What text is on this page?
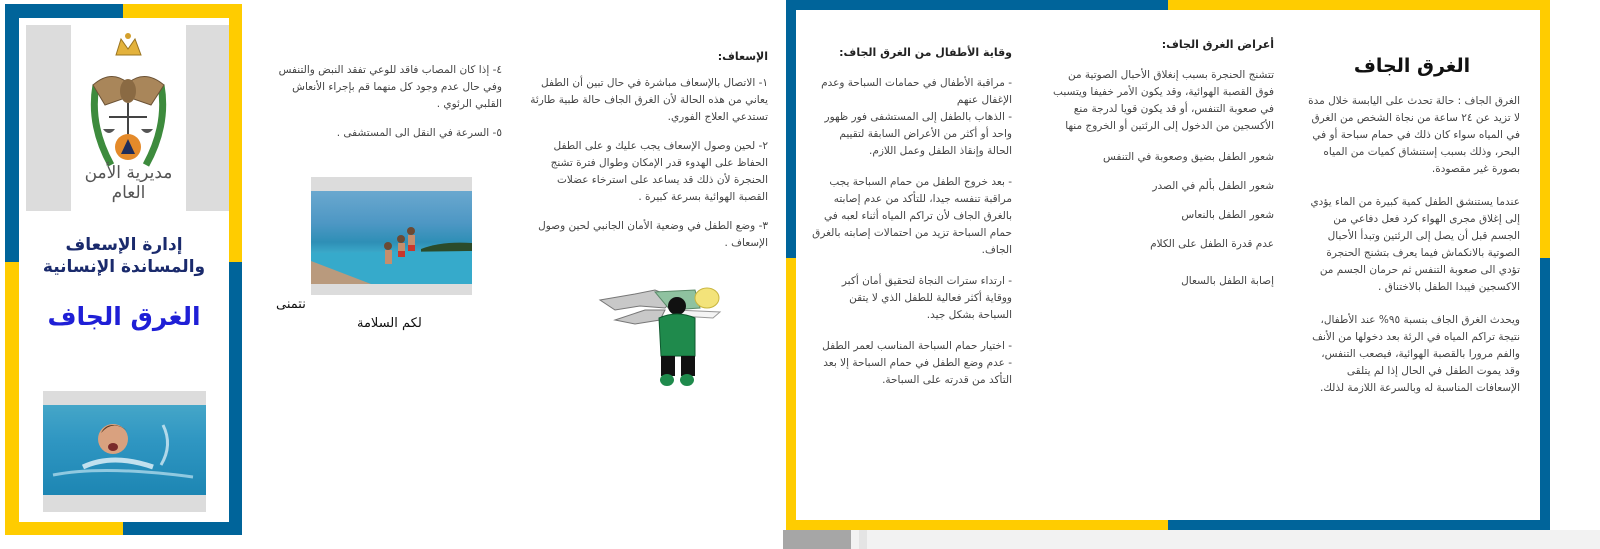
مديرية الأمن العام
إدارة الإسعاف
والمساندة الإنسانية
الغرق الجاف

٤- إذا كان المصاب فاقد للوعي تفقد النبض والتنفس وفي حال عدم وجود كل منهما قم بإجراء الأنعاش القلبي الرئوي .

٥- السرعة في النقل الى المستشفى .

نتمنى
لكم السلامة
الإسعاف:

١- الاتصال بالإسعاف مباشرة في حال تبين أن الطفل يعاني من هذه الحالة لأن الغرق الجاف حالة طبية طارئة تستدعي العلاج الفوري.

٢- لحين وصول الإسعاف يجب عليك و على الطفل الحفاظ على الهدوء قدر الإمكان وطوال فترة تشنج الحنجرة لأن ذلك قد يساعد على استرخاء عضلات القصبة الهوائية بسرعة كبيرة .

٣- وضع الطفل في وضعية الأمان الجانبي لحين وصول الإسعاف .

وقاية الأطفال من الغرق الجاف:

- مراقبة الأطفال في حمامات السباحة وعدم الإغفال عنهم
- الذهاب بالطفل إلى المستشفى فور ظهور واحد أو أكثر من الأعراض السابقة لتقييم الحالة وإنقاذ الطفل وعمل اللازم.

- بعد خروج الطفل من حمام السباحة يجب مراقبة تنفسه جيدا، للتأكد من عدم إصابته بالغرق الجاف لأن تراكم المياه أثناء لعبه في حمام السباحة تزيد من احتمالات إصابته بالغرق الجاف.

- ارتداء سترات النجاة لتحقيق أمان أكبر ووقاية أكثر فعالية للطفل الذي لا يتقن السباحة بشكل جيد.

- اختيار حمام السباحة المناسب لعمر الطفل
- عدم وضع الطفل في حمام السباحة إلا بعد التأكد من قدرته على السباحة.

أعراض الغرق الجاف:

تتشنج الحنجرة بسبب إنغلاق الأحبال الصوتية من فوق القصبة الهوائية، وقد يكون الأمر خفيفا ويتسبب في صعوبة التنفس، أو قد يكون قويا لدرجة منع الأكسجين من الدخول إلى الرئتين أو الخروج منها

شعور الطفل بضيق وصعوبة في التنفس

شعور الطفل بألم في الصدر

شعور الطفل بالنعاس

عدم قدرة الطفل على الكلام

إصابة الطفل بالسعال

الغرق الجاف

الغرق الجاف : حالة تحدث على اليابسة خلال مدة لا تزيد عن ٢٤ ساعة من نجاة الشخص من الغرق في المياه سواء كان ذلك في حمام سباحة أو في البحر، وذلك بسبب إستنشاق كميات من المياه بصورة غير مقصودة.

عندما يستنشق الطفل كمية كبيرة من الماء يؤدي إلى إغلاق مجرى الهواء كرد فعل دفاعي من الجسم قبل أن يصل إلى الرئتين وتبدأ الأحبال الصوتية بالانكماش فيما يعرف بتشنج الحنجرة تؤدي الى صعوبة التنفس ثم حرمان الجسم من الاكسجين فيبدا الطفل بالاختناق .

ويحدث الغرق الجاف بنسبة ٩٥% عند الأطفال، نتيجة تراكم المياه في الرئة بعد دخولها من الأنف والفم مرورا بالقصبة الهوائية، فيصعب التنفس، وقد يموت الطفل في الحال إذا لم يتلقى الإسعافات المناسبة له وبالسرعة اللازمة لذلك.
